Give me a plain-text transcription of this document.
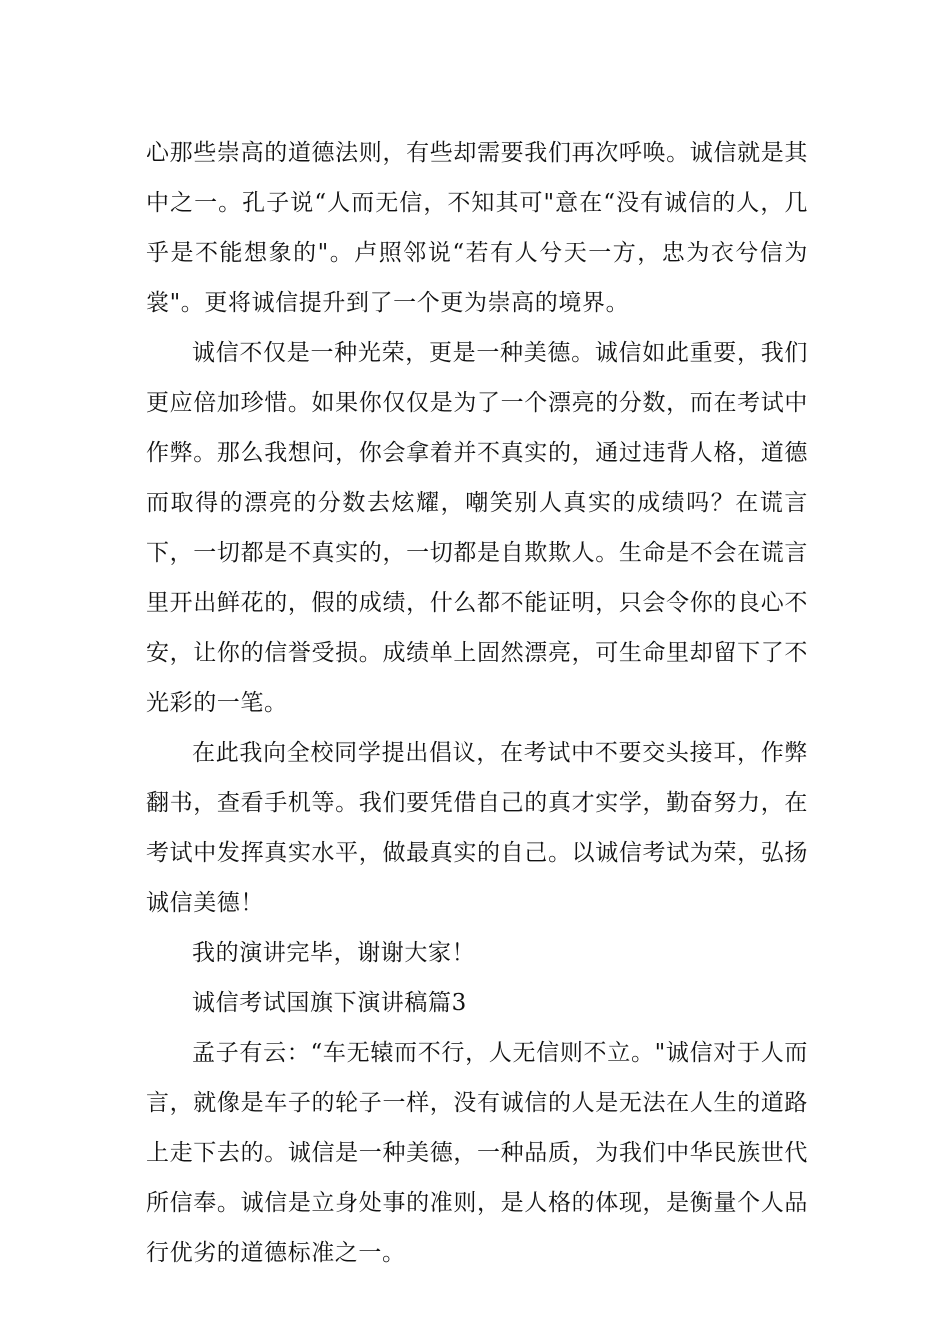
心那些崇高的道德法则，有些却需要我们再次呼唤。诚信就是其中之一。孔子说“人而无信，不知其可"意在“没有诚信的人，几乎是不能想象的"。卢照邻说“若有人兮天一方，忠为衣兮信为裳"。更将诚信提升到了一个更为崇高的境界。

诚信不仅是一种光荣，更是一种美德。诚信如此重要，我们更应倍加珍惜。如果你仅仅是为了一个漂亮的分数，而在考试中作弊。那么我想问，你会拿着并不真实的，通过违背人格，道德而取得的漂亮的分数去炫耀，嘲笑别人真实的成绩吗？在谎言下，一切都是不真实的，一切都是自欺欺人。生命是不会在谎言里开出鲜花的，假的成绩，什么都不能证明，只会令你的良心不安，让你的信誉受损。成绩单上固然漂亮，可生命里却留下了不光彩的一笔。

在此我向全校同学提出倡议，在考试中不要交头接耳，作弊翻书，查看手机等。我们要凭借自己的真才实学，勤奋努力，在考试中发挥真实水平，做最真实的自己。以诚信考试为荣，弘扬诚信美德！

我的演讲完毕，谢谢大家！

诚信考试国旗下演讲稿篇3

孟子有云：“车无辕而不行，人无信则不立。"诚信对于人而言，就像是车子的轮子一样，没有诚信的人是无法在人生的道路上走下去的。诚信是一种美德，一种品质，为我们中华民族世代所信奉。诚信是立身处事的准则，是人格的体现，是衡量个人品行优劣的道德标准之一。
